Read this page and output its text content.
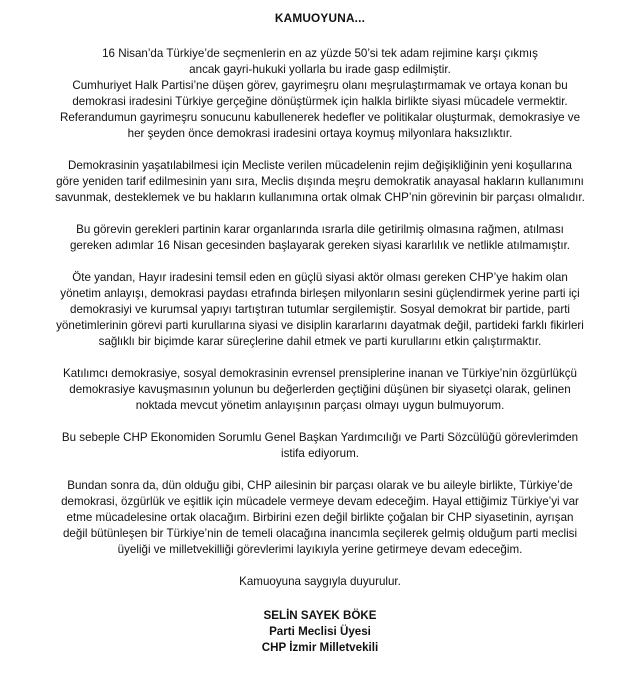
KAMUOYUNA...
16 Nisan’da Türkiye’de seçmenlerin en az yüzde 50’si tek adam rejimine karşı çıkmış
ancak gayri-hukuki yollarla bu irade gasp edilmiştir.
Cumhuriyet Halk Partisi’ne düşen görev, gayrimeşru olanı meşrulaştırmamak ve ortaya konan bu
demokrasi iradesini Türkiye gerçeğine dönüştürmek için halkla birlikte siyasi mücadele vermektir.
Referandumun gayrimeşru sonucunu kabullenerek hedefler ve politikalar oluşturmak, demokrasiye ve
her şeyden önce demokrasi iradesini ortaya koymuş milyonlara haksızlıktır.
Demokrasinin yaşatılabilmesi için Mecliste verilen mücadelenin rejim değişikliğinin yeni koşullarına
göre yeniden tarif edilmesinin yanı sıra, Meclis dışında meşru demokratik anayasal hakların kullanımını
savunmak, desteklemek ve bu hakların kullanımına ortak olmak CHP’nin görevinin bir parçası olmalıdır.
Bu görevin gerekleri partinin karar organlarında ısrarla dile getirilmiş olmasına rağmen, atılması
gereken adımlar 16 Nisan gecesinden başlayarak gereken siyasi kararlılık ve netlikle atılmamıştır.
Öte yandan, Hayır iradesini temsil eden en güçlü siyasi aktör olması gereken CHP’ye hakim olan
yönetim anlayışı, demokrasi paydası etrafında birleşen milyonların sesini güçlendirmek yerine parti içi
demokrasiyi ve kurumsal yapıyı tartıştıran tutumlar sergilemiştir. Sosyal demokrat bir partide, parti
yönetimlerinin görevi parti kurullarına siyasi ve disiplin kararlarını dayatmak değil, partideki farklı fikirleri
sağlıklı bir biçimde karar süreçlerine dahil etmek ve parti kurullarını etkin çalıştırmaktır.
Katılımcı demokrasiye, sosyal demokrasinin evrensel prensiplerine inanan ve Türkiye’nin özgürlükçü
demokrasiye kavuşmasının yolunun bu değerlerden geçtiğini düşünen bir siyasetçi olarak, gelinen
noktada mevcut yönetim anlayışının parçası olmayı uygun bulmuyorum.
Bu sebeple CHP Ekonomiden Sorumlu Genel Başkan Yardımcılığı ve Parti Sözcülüğü görevlerimden
istifa ediyorum.
Bundan sonra da, dün olduğu gibi, CHP ailesinin bir parçası olarak ve bu aileyle birlikte, Türkiye’de
demokrasi, özgürlük ve eşitlik için mücadele vermeye devam edeceğim. Hayal ettiğimiz Türkiye’yi var
etme mücadelesine ortak olacağım. Birbirini ezen değil birlikte çoğalan bir CHP siyasetinin, ayrışan
değil bütünleşen bir Türkiye’nin de temeli olacağına inancımla seçilerek gelmiş olduğum parti meclisi
üyeliği ve milletvekilliği görevlerimi layıkıyla yerine getirmeye devam edeceğim.
Kamuoyuna saygıyla duyurulur.
SELİN SAYEK BÖKE
Parti Meclisi Üyesi
CHP İzmir Milletvekili
